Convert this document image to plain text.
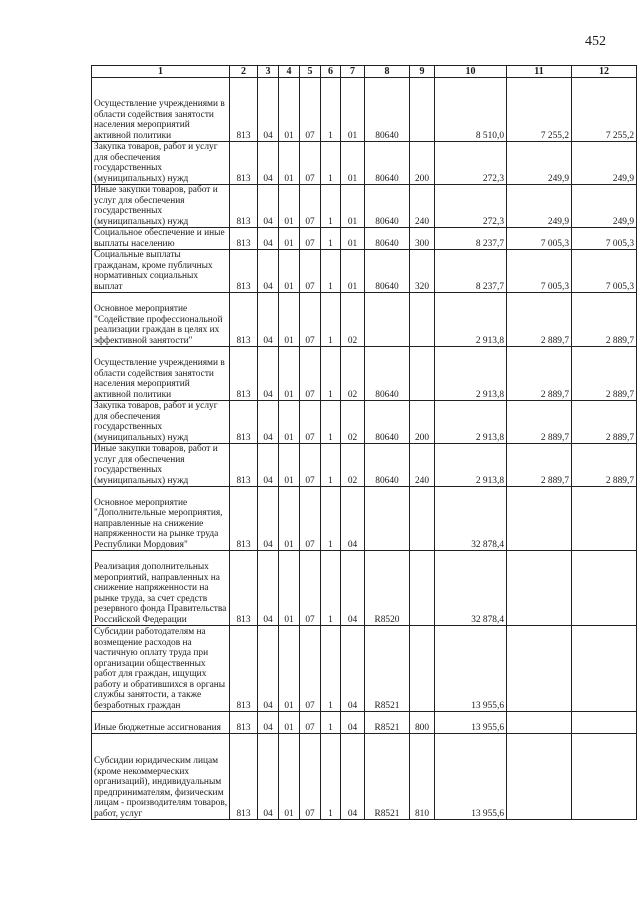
452
1	2	3	4	5	6	7	8	9	10	11	12
Осуществление учреждениями в области содействия занятости населения мероприятий активной политики	813	04	01	07	1	01	80640		8 510,0	7 255,2	7 255,2
Закупка товаров, работ и услуг для обеспечения государственных (муниципальных) нужд	813	04	01	07	1	01	80640	200	272,3	249,9	249,9
Иные закупки товаров, работ и услуг для обеспечения государственных (муниципальных) нужд	813	04	01	07	1	01	80640	240	272,3	249,9	249,9
Социальное обеспечение и иные выплаты населению	813	04	01	07	1	01	80640	300	8 237,7	7 005,3	7 005,3
Социальные выплаты гражданам, кроме публичных нормативных социальных выплат	813	04	01	07	1	01	80640	320	8 237,7	7 005,3	7 005,3
Основное мероприятие "Содействие профессиональной реализации граждан в целях их эффективной занятости"	813	04	01	07	1	02			2 913,8	2 889,7	2 889,7
Осуществление учреждениями в области содействия занятости населения мероприятий активной политики	813	04	01	07	1	02	80640		2 913,8	2 889,7	2 889,7
Закупка товаров, работ и услуг для обеспечения государственных (муниципальных) нужд	813	04	01	07	1	02	80640	200	2 913,8	2 889,7	2 889,7
Иные закупки товаров, работ и услуг для обеспечения государственных (муниципальных) нужд	813	04	01	07	1	02	80640	240	2 913,8	2 889,7	2 889,7
Основное мероприятие "Дополнительные мероприятия, направленные на снижение напряженности на рынке труда Республики Мордовия"	813	04	01	07	1	04			32 878,4		
Реализация дополнительных мероприятий, направленных на снижение напряженности на рынке труда, за счет средств резервного фонда Правительства Российской Федерации	813	04	01	07	1	04	R8520		32 878,4		
Субсидии работодателям на возмещение расходов на частичную оплату труда при организации общественных работ для граждан, ищущих работу и обратившихся в органы службы занятости, а также безработных граждан	813	04	01	07	1	04	R8521		13 955,6		
Иные бюджетные ассигнования	813	04	01	07	1	04	R8521	800	13 955,6		
Субсидии юридическим лицам (кроме некоммерческих организаций), индивидуальным предпринимателям, физическим лицам - производителям товаров, работ, услуг	813	04	01	07	1	04	R8521	810	13 955,6		
